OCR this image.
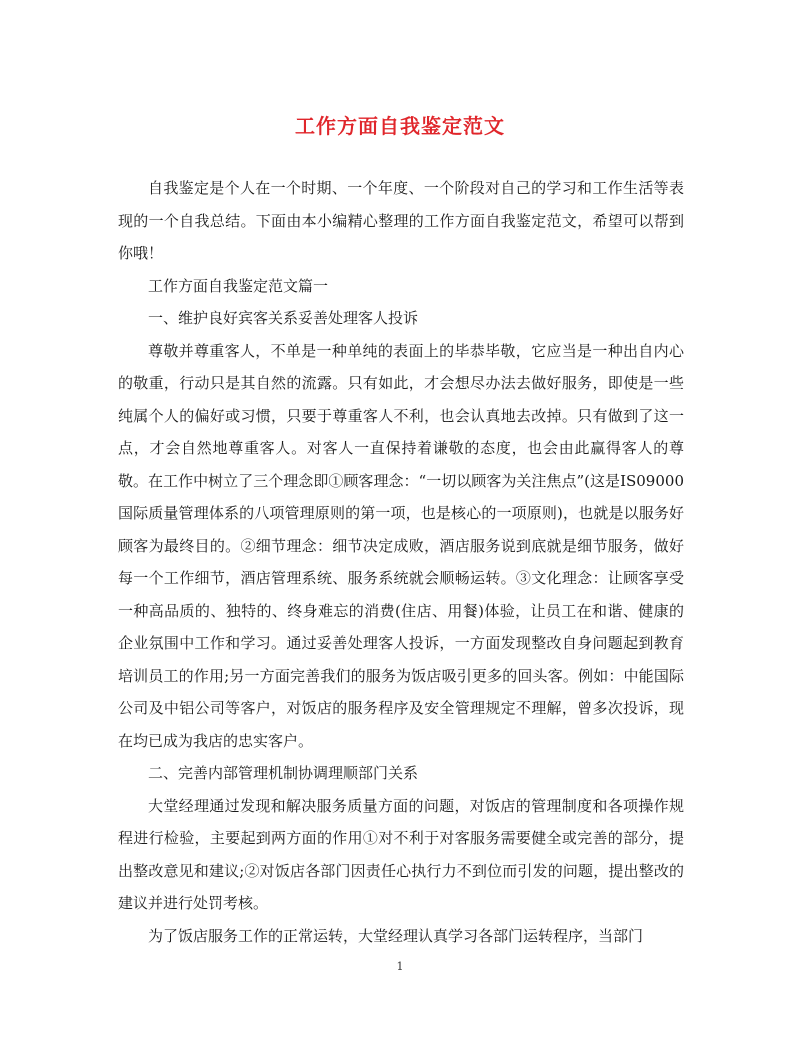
工作方面自我鉴定范文

自我鉴定是个人在一个时期、一个年度、一个阶段对自己的学习和工作生活等表现的一个自我总结。下面由本小编精心整理的工作方面自我鉴定范文，希望可以帮到你哦！

工作方面自我鉴定范文篇一

一、维护良好宾客关系妥善处理客人投诉

尊敬并尊重客人，不单是一种单纯的表面上的毕恭毕敬，它应当是一种出自内心的敬重，行动只是其自然的流露。只有如此，才会想尽办法去做好服务，即使是一些纯属个人的偏好或习惯，只要于尊重客人不利，也会认真地去改掉。只有做到了这一点，才会自然地尊重客人。对客人一直保持着谦敬的态度，也会由此赢得客人的尊敬。在工作中树立了三个理念即①顾客理念：“一切以顾客为关注焦点”(这是IS09000国际质量管理体系的八项管理原则的第一项，也是核心的一项原则)，也就是以服务好顾客为最终目的。②细节理念：细节决定成败，酒店服务说到底就是细节服务，做好每一个工作细节，酒店管理系统、服务系统就会顺畅运转。③文化理念：让顾客享受一种高品质的、独特的、终身难忘的消费(住店、用餐)体验，让员工在和谐、健康的企业氛围中工作和学习。通过妥善处理客人投诉，一方面发现整改自身问题起到教育培训员工的作用;另一方面完善我们的服务为饭店吸引更多的回头客。例如：中能国际公司及中铝公司等客户，对饭店的服务程序及安全管理规定不理解，曾多次投诉，现在均已成为我店的忠实客户。

二、完善内部管理机制协调理顺部门关系

大堂经理通过发现和解决服务质量方面的问题，对饭店的管理制度和各项操作规程进行检验，主要起到两方面的作用①对不利于对客服务需要健全或完善的部分，提出整改意见和建议;②对饭店各部门因责任心执行力不到位而引发的问题，提出整改的建议并进行处罚考核。

为了饭店服务工作的正常运转，大堂经理认真学习各部门运转程序，当部门

1
